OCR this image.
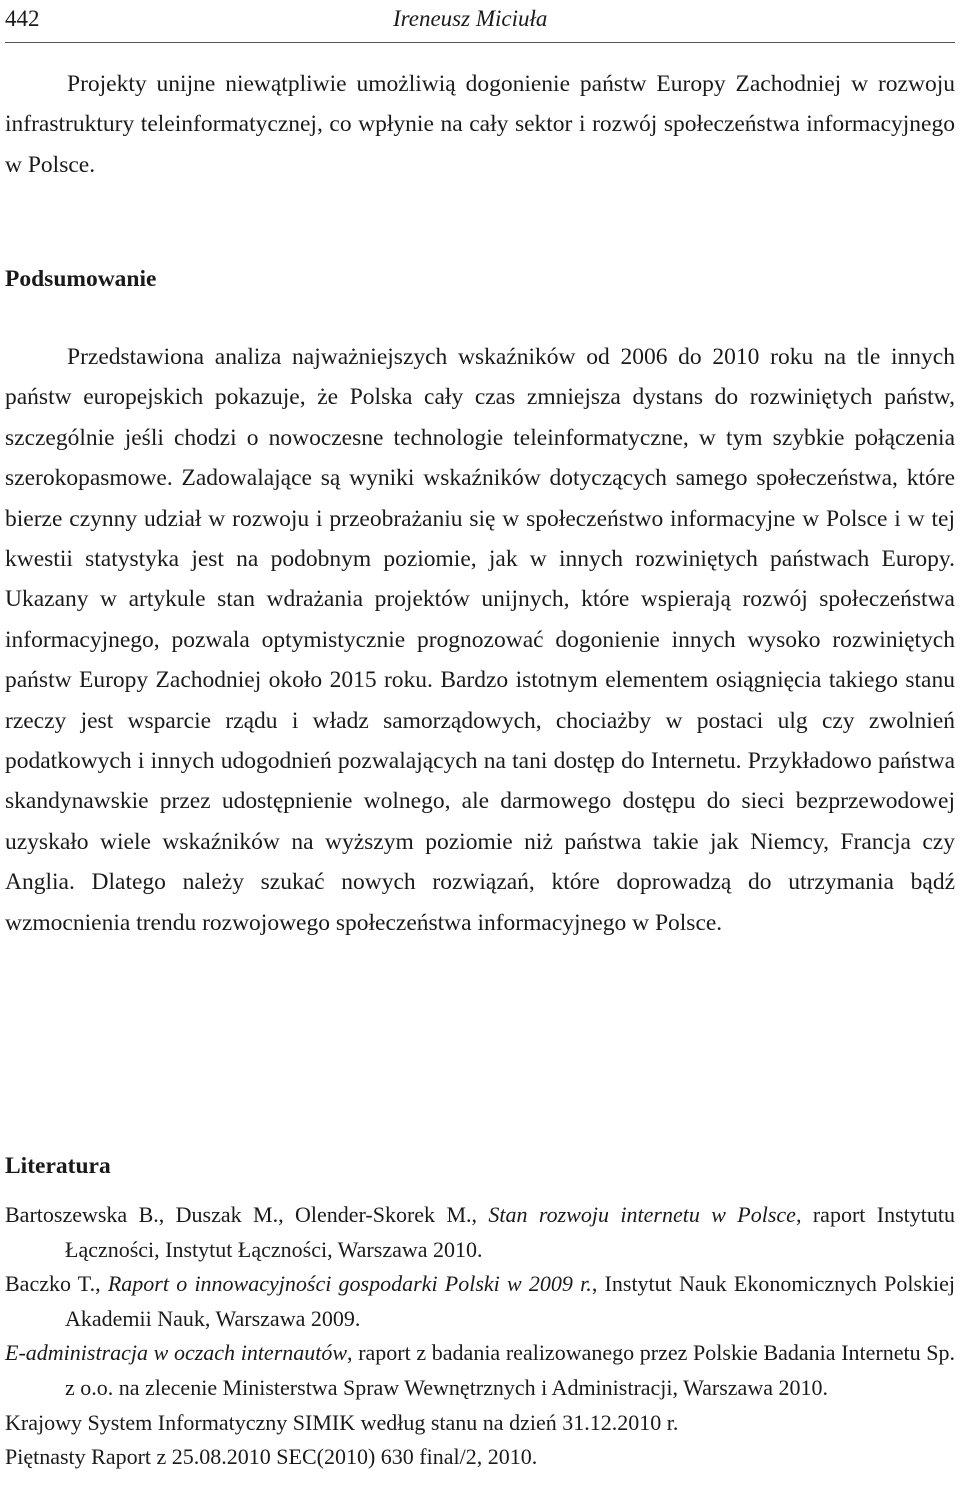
442	Ireneusz Miciuła

Projekty unijne niewątpliwie umożliwią dogonienie państw Europy Zachodniej w rozwoju infrastruktury teleinformatycznej, co wpłynie na cały sektor i rozwój społeczeństwa informacyjnego w Polsce.

Podsumowanie

Przedstawiona analiza najważniejszych wskaźników od 2006 do 2010 roku na tle innych państw europejskich pokazuje, że Polska cały czas zmniejsza dystans do rozwiniętych państw, szczególnie jeśli chodzi o nowoczesne technologie teleinformatyczne, w tym szybkie połączenia szerokopasmowe. Zadowalające są wyniki wskaźników dotyczących samego społeczeństwa, które bierze czynny udział w rozwoju i przeobrażaniu się w społeczeństwo informacyjne w Polsce i w tej kwestii statystyka jest na podobnym poziomie, jak w innych rozwiniętych państwach Europy. Ukazany w artykule stan wdrażania projektów unijnych, które wspierają rozwój społeczeństwa informacyjnego, pozwala optymistycznie prognozować dogonienie innych wysoko rozwiniętych państw Europy Zachodniej około 2015 roku. Bardzo istotnym elementem osiągnięcia takiego stanu rzeczy jest wsparcie rządu i władz samorządowych, chociażby w postaci ulg czy zwolnień podatkowych i innych udogodnień pozwalających na tani dostęp do Internetu. Przykładowo państwa skandynawskie przez udostępnienie wolnego, ale darmowego dostępu do sieci bezprzewodowej uzyskało wiele wskaźników na wyższym poziomie niż państwa takie jak Niemcy, Francja czy Anglia. Dlatego należy szukać nowych rozwiązań, które doprowadzą do utrzymania bądź wzmocnienia trendu rozwojowego społeczeństwa informacyjnego w Polsce.

Literatura

Bartoszewska B., Duszak M., Olender-Skorek M., Stan rozwoju internetu w Polsce, raport Instytutu Łączności, Instytut Łączności, Warszawa 2010.

Baczko T., Raport o innowacyjności gospodarki Polski w 2009 r., Instytut Nauk Ekonomicznych Polskiej Akademii Nauk, Warszawa 2009.

E-administracja w oczach internautów, raport z badania realizowanego przez Polskie Badania Internetu Sp. z o.o. na zlecenie Ministerstwa Spraw Wewnętrznych i Administracji, Warszawa 2010.

Krajowy System Informatyczny SIMIK według stanu na dzień 31.12.2010 r.

Piętnasty Raport z 25.08.2010 SEC(2010) 630 final/2, 2010.
